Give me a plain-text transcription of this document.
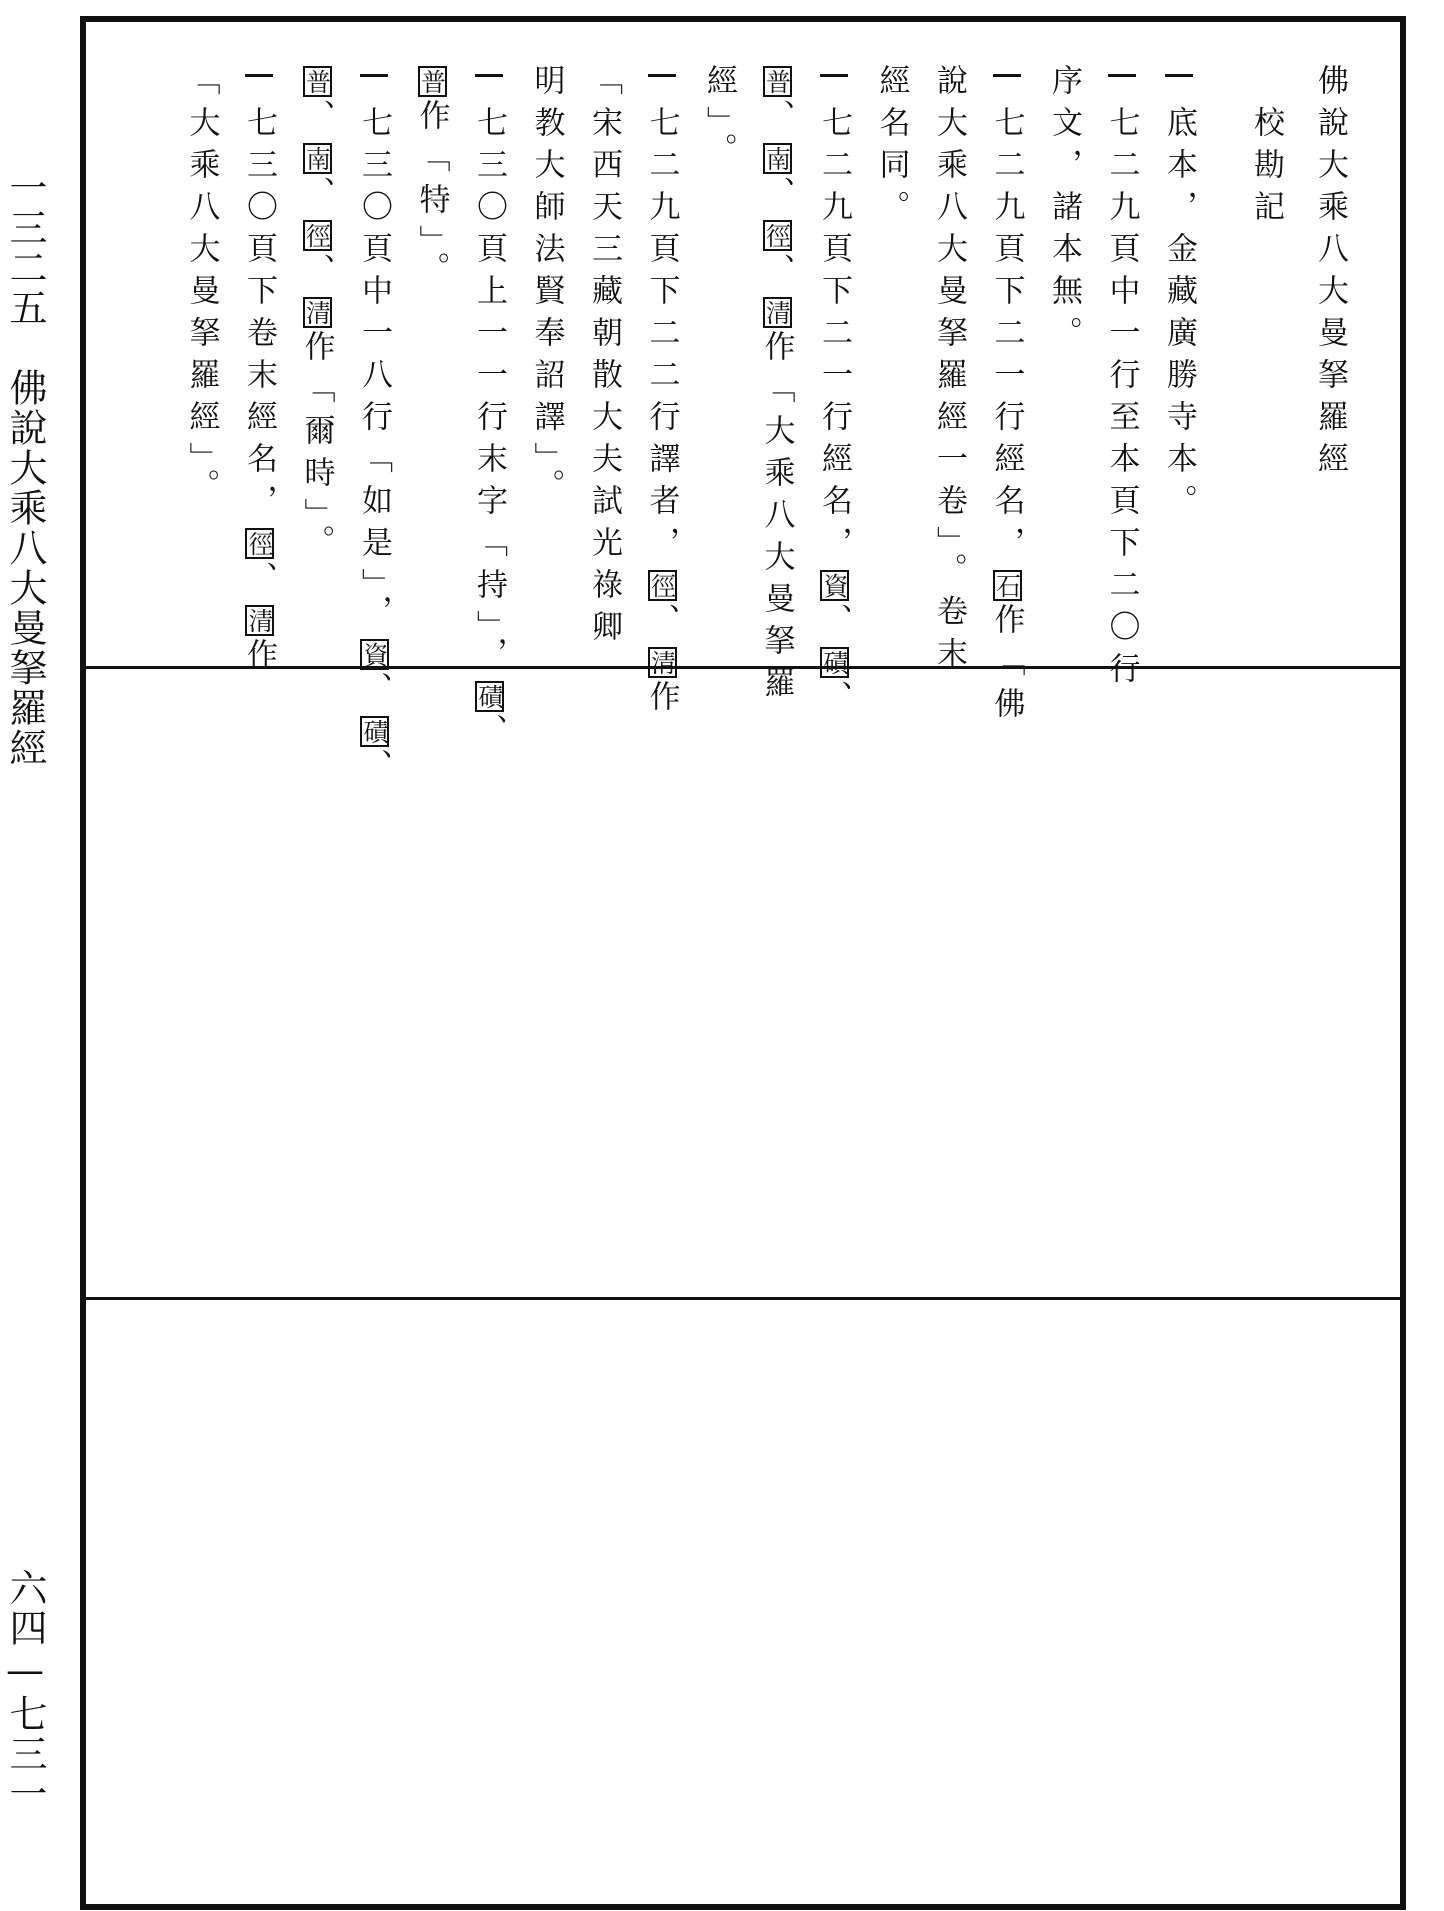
一三二五　佛說大乘八大曼拏羅經
六四—七三一
佛說大乘八大曼拏羅經
校勘記
底本，金藏廣勝寺本。
七二九頁中一行至本頁下二〇行
序文，諸本無。
七二九頁下二一行經名，石作「佛
說大乘八大曼拏羅經一卷」。卷末
經名同。
七二九頁下二一行經名，資、磧、
普、南、徑、清作「大乘八大曼拏羅
經」。
七二九頁下二二行譯者，徑、清作
「宋西天三藏朝散大夫試光祿卿
明教大師法賢奉詔譯」。
七三〇頁上一一行末字「持」，磧、
普作「特」。
七三〇頁中一八行「如是」，資、磧、
普、南、徑、清作「爾時」。
七三〇頁下卷末經名，徑、清作
「大乘八大曼拏羅經」。
